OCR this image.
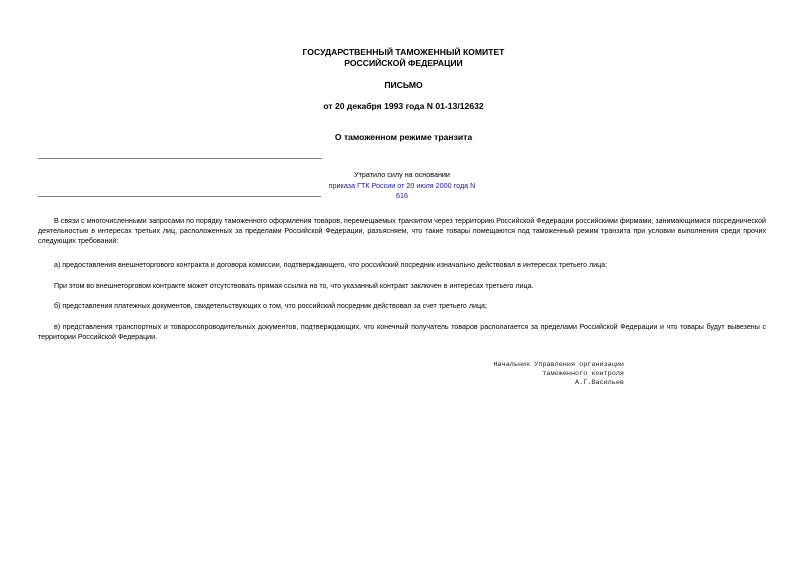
ГОСУДАРСТВЕННЫЙ ТАМОЖЕННЫЙ КОМИТЕТ
РОССИЙСКОЙ ФЕДЕРАЦИИ
ПИСЬМО
от 20 декабря 1993 года N 01-13/12632
О таможенном режиме транзита
Утратило силу на основании
приказа ГТК России от 20 июля 2000 года N 616
В связи с многочисленными запросами по порядку таможенного оформления товаров, перемещаемых транзитом через территорию Российской Федерации российскими фирмами, занимающимися посреднической деятельностью в интересах третьих лиц, расположенных за пределами Российской Федерации, разъясняем, что такие товары помещаются под таможенный режим транзита при условии выполнения среди прочих следующих требований:
а) предоставления внешнеторгового контракта и договора комиссии, подтверждающего, что российский посредник изначально действовал в интересах третьего лица;
При этом во внешнеторговом контракте может отсутствовать прямая ссылка на то, что указанный контракт заключен в интересах третьего лица.
б) представления платежных документов, свидетельствующих о том, что российский посредник действовал за счет третьего лица;
в) представления транспортных и товаросопроводительных документов, подтверждающих, что конечный получатель товаров располагается за пределами Российской Федерации и что товары будут вывезены с территории Российской Федерации.
Начальник Управления организации
таможенного контроля
А.Г.Васильев
